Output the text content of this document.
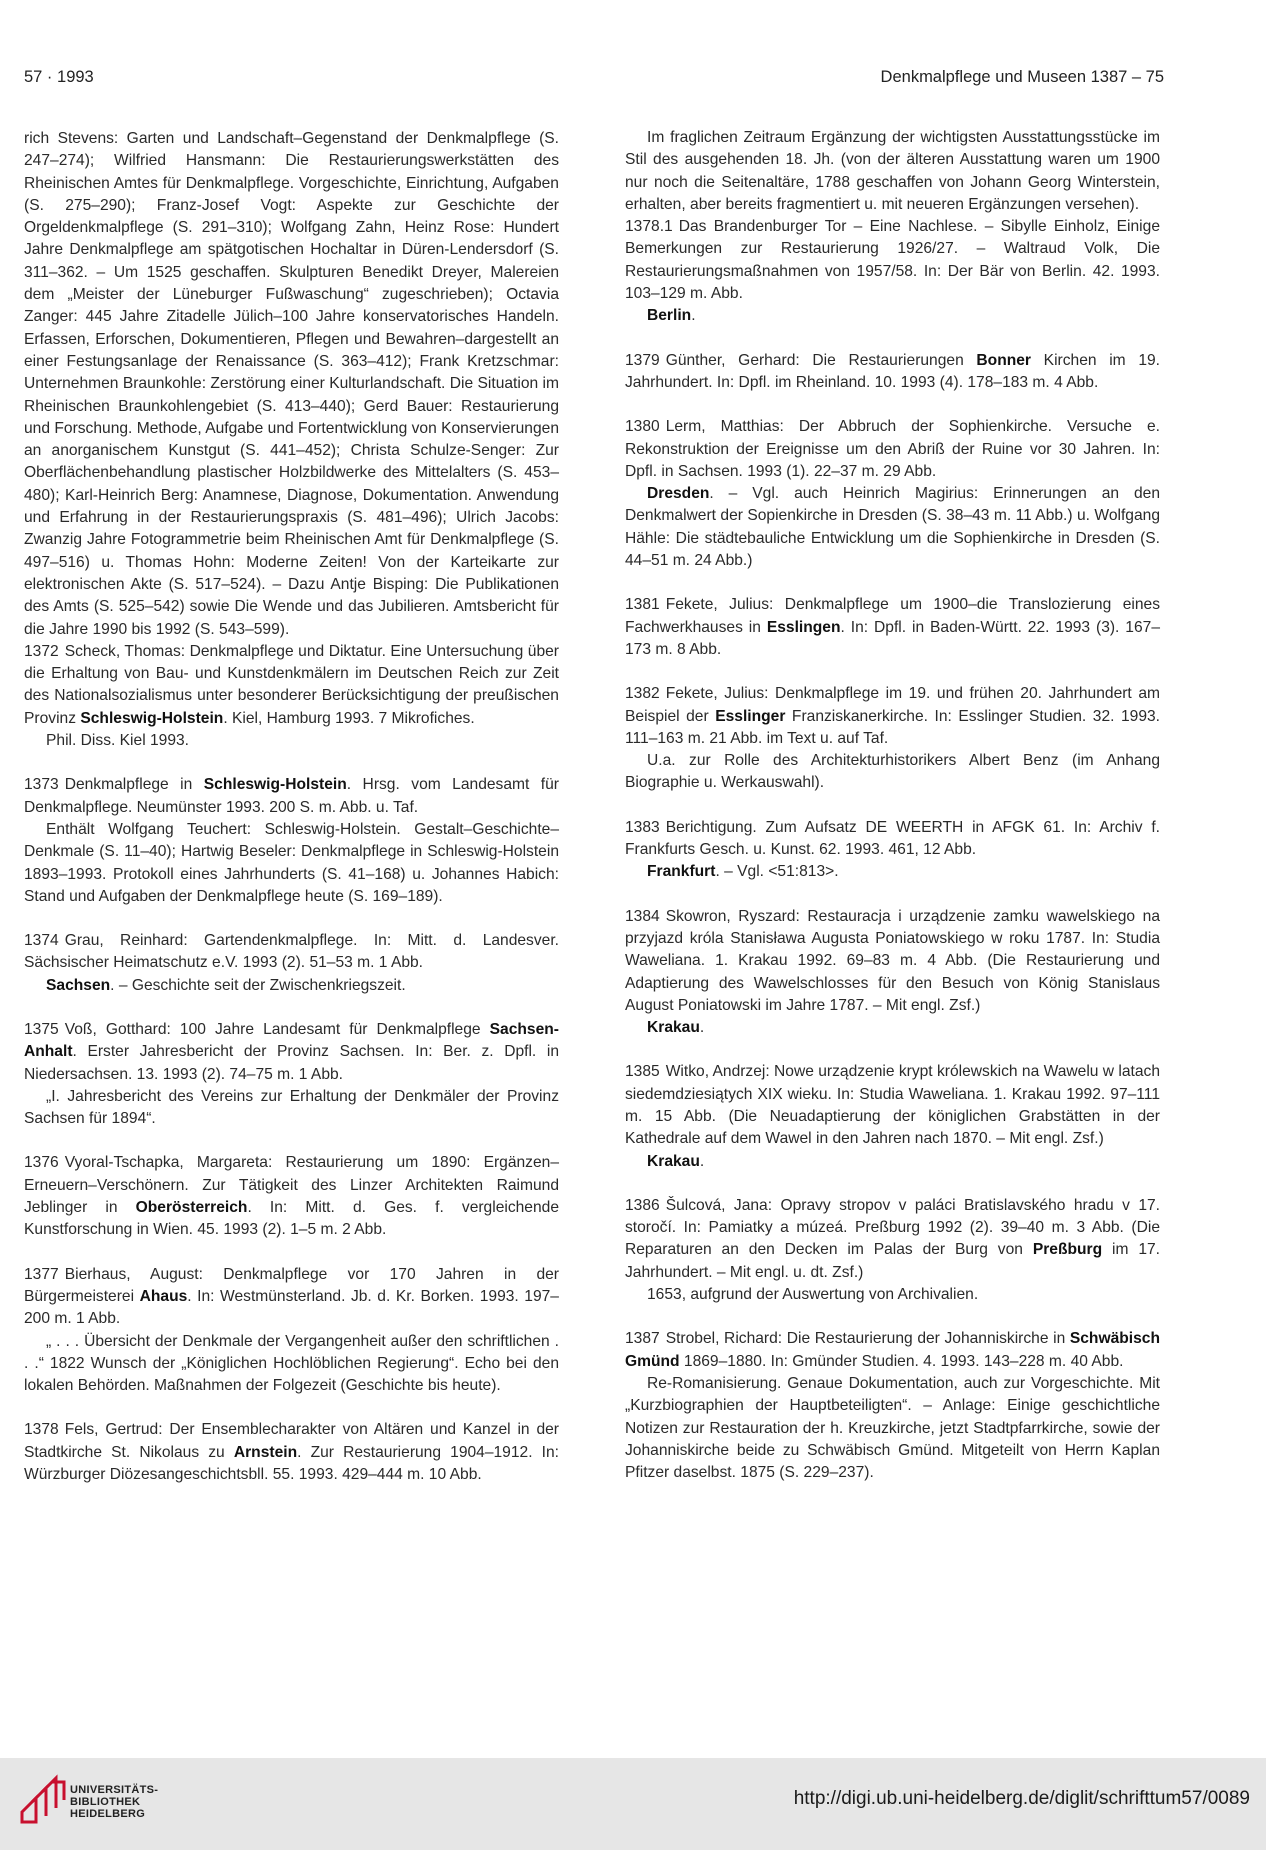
57 · 1993	Denkmalpflege und Museen 1387 – 75

rich Stevens: Garten und Landschaft–Gegenstand der Denkmalpflege (S. 247–274); Wilfried Hansmann: Die Restaurierungswerkstätten des Rheinischen Amtes für Denkmalpflege. Vorgeschichte, Einrichtung, Aufgaben (S. 275–290); Franz-Josef Vogt: Aspekte zur Geschichte der Orgeldenkmalpflege (S. 291–310); Wolfgang Zahn, Heinz Rose: Hundert Jahre Denkmalpflege am spätgotischen Hochaltar in Düren-Lendersdorf (S. 311–362. – Um 1525 geschaffen. Skulpturen Benedikt Dreyer, Malereien dem „Meister der Lüneburger Fußwaschung“ zugeschrieben); Octavia Zanger: 445 Jahre Zitadelle Jülich–100 Jahre konservatorisches Handeln. Erfassen, Erforschen, Dokumentieren, Pflegen und Bewahren–dargestellt an einer Festungsanlage der Renaissance (S. 363–412); Frank Kretzschmar: Unternehmen Braunkohle: Zerstörung einer Kulturlandschaft. Die Situation im Rheinischen Braunkohlengebiet (S. 413–440); Gerd Bauer: Restaurierung und Forschung. Methode, Aufgabe und Fortentwicklung von Konservierungen an anorganischem Kunstgut (S. 441–452); Christa Schulze-Senger: Zur Oberflächenbehandlung plastischer Holzbildwerke des Mittelalters (S. 453–480); Karl-Heinrich Berg: Anamnese, Diagnose, Dokumentation. Anwendung und Erfahrung in der Restaurierungspraxis (S. 481–496); Ulrich Jacobs: Zwanzig Jahre Fotogrammetrie beim Rheinischen Amt für Denkmalpflege (S. 497–516) u. Thomas Hohn: Moderne Zeiten! Von der Karteikarte zur elektronischen Akte (S. 517–524). – Dazu Antje Bisping: Die Publikationen des Amts (S. 525–542) sowie Die Wende und das Jubilieren. Amtsbericht für die Jahre 1990 bis 1992 (S. 543–599).

1372 Scheck, Thomas: Denkmalpflege und Diktatur. Eine Untersuchung über die Erhaltung von Bau- und Kunstdenkmälern im Deutschen Reich zur Zeit des Nationalsozialismus unter besonderer Berücksichtigung der preußischen Provinz Schleswig-Holstein. Kiel, Hamburg 1993. 7 Mikrofiches.

Phil. Diss. Kiel 1993.

1373 Denkmalpflege in Schleswig-Holstein. Hrsg. vom Landesamt für Denkmalpflege. Neumünster 1993. 200 S. m. Abb. u. Taf.

Enthält Wolfgang Teuchert: Schleswig-Holstein. Gestalt–Geschichte–Denkmale (S. 11–40); Hartwig Beseler: Denkmalpflege in Schleswig-Holstein 1893–1993. Protokoll eines Jahrhunderts (S. 41–168) u. Johannes Habich: Stand und Aufgaben der Denkmalpflege heute (S. 169–189).

1374 Grau, Reinhard: Gartendenkmalpflege. In: Mitt. d. Landesver. Sächsischer Heimatschutz e.V. 1993 (2). 51–53 m. 1 Abb.

Sachsen. – Geschichte seit der Zwischenkriegszeit.

1375 Voß, Gotthard: 100 Jahre Landesamt für Denkmalpflege Sachsen-Anhalt. Erster Jahresbericht der Provinz Sachsen. In: Ber. z. Dpfl. in Niedersachsen. 13. 1993 (2). 74–75 m. 1 Abb.

„I. Jahresbericht des Vereins zur Erhaltung der Denkmäler der Provinz Sachsen für 1894“.

1376 Vyoral-Tschapka, Margareta: Restaurierung um 1890: Ergänzen–Erneuern–Verschönern. Zur Tätigkeit des Linzer Architekten Raimund Jeblinger in Oberösterreich. In: Mitt. d. Ges. f. vergleichende Kunstforschung in Wien. 45. 1993 (2). 1–5 m. 2 Abb.

1377 Bierhaus, August: Denkmalpflege vor 170 Jahren in der Bürgermeisterei Ahaus. In: Westmünsterland. Jb. d. Kr. Borken. 1993. 197–200 m. 1 Abb.

„ . . . Übersicht der Denkmale der Vergangenheit außer den schriftlichen . . .“ 1822 Wunsch der „Königlichen Hochlöblichen Regierung“. Echo bei den lokalen Behörden. Maßnahmen der Folgezeit (Geschichte bis heute).

1378 Fels, Gertrud: Der Ensemblecharakter von Altären und Kanzel in der Stadtkirche St. Nikolaus zu Arnstein. Zur Restaurierung 1904–1912. In: Würzburger Diözesangeschichtsbll. 55. 1993. 429–444 m. 10 Abb.

Im fraglichen Zeitraum Ergänzung der wichtigsten Ausstattungsstücke im Stil des ausgehenden 18. Jh. (von der älteren Ausstattung waren um 1900 nur noch die Seitenaltäre, 1788 geschaffen von Johann Georg Winterstein, erhalten, aber bereits fragmentiert u. mit neueren Ergänzungen versehen).

1378.1 Das Brandenburger Tor – Eine Nachlese. – Sibylle Einholz, Einige Bemerkungen zur Restaurierung 1926/27. – Waltraud Volk, Die Restaurierungsmaßnahmen von 1957/58. In: Der Bär von Berlin. 42. 1993. 103–129 m. Abb.

Berlin.

1379 Günther, Gerhard: Die Restaurierungen Bonner Kirchen im 19. Jahrhundert. In: Dpfl. im Rheinland. 10. 1993 (4). 178–183 m. 4 Abb.

1380 Lerm, Matthias: Der Abbruch der Sophienkirche. Versuche e. Rekonstruktion der Ereignisse um den Abriß der Ruine vor 30 Jahren. In: Dpfl. in Sachsen. 1993 (1). 22–37 m. 29 Abb.

Dresden. – Vgl. auch Heinrich Magirius: Erinnerungen an den Denkmalwert der Sopienkirche in Dresden (S. 38–43 m. 11 Abb.) u. Wolfgang Hähle: Die städtebauliche Entwicklung um die Sophienkirche in Dresden (S. 44–51 m. 24 Abb.)

1381 Fekete, Julius: Denkmalpflege um 1900–die Translozierung eines Fachwerkhauses in Esslingen. In: Dpfl. in Baden-Württ. 22. 1993 (3). 167–173 m. 8 Abb.

1382 Fekete, Julius: Denkmalpflege im 19. und frühen 20. Jahrhundert am Beispiel der Esslinger Franziskanerkirche. In: Esslinger Studien. 32. 1993. 111–163 m. 21 Abb. im Text u. auf Taf.

U.a. zur Rolle des Architekturhistorikers Albert Benz (im Anhang Biographie u. Werkauswahl).

1383 Berichtigung. Zum Aufsatz DE WEERTH in AFGK 61. In: Archiv f. Frankfurts Gesch. u. Kunst. 62. 1993. 461, 12 Abb.

Frankfurt. – Vgl. <51:813>.

1384 Skowron, Ryszard: Restauracja i urządzenie zamku wawelskiego na przyjazd króla Stanisława Augusta Poniatowskiego w roku 1787. In: Studia Waweliana. 1. Krakau 1992. 69–83 m. 4 Abb. (Die Restaurierung und Adaptierung des Wawelschlosses für den Besuch von König Stanislaus August Poniatowski im Jahre 1787. – Mit engl. Zsf.)

Krakau.

1385 Witko, Andrzej: Nowe urządzenie krypt królewskich na Wawelu w latach siedemdziesiątych XIX wieku. In: Studia Waweliana. 1. Krakau 1992. 97–111 m. 15 Abb. (Die Neuadaptierung der königlichen Grabstätten in der Kathedrale auf dem Wawel in den Jahren nach 1870. – Mit engl. Zsf.)

Krakau.

1386 Šulcová, Jana: Opravy stropov v paláci Bratislavského hradu v 17. storočí. In: Pamiatky a múzeá. Preßburg 1992 (2). 39–40 m. 3 Abb. (Die Reparaturen an den Decken im Palas der Burg von Preßburg im 17. Jahrhundert. – Mit engl. u. dt. Zsf.)

1653, aufgrund der Auswertung von Archivalien.

1387 Strobel, Richard: Die Restaurierung der Johanniskirche in Schwäbisch Gmünd 1869–1880. In: Gmünder Studien. 4. 1993. 143–228 m. 40 Abb.

Re-Romanisierung. Genaue Dokumentation, auch zur Vorgeschichte. Mit „Kurzbiographien der Hauptbeteiligten“. – Anlage: Einige geschichtliche Notizen zur Restauration der h. Kreuzkirche, jetzt Stadtpfarrkirche, sowie der Johanniskirche beide zu Schwäbisch Gmünd. Mitgeteilt von Herrn Kaplan Pfitzer daselbst. 1875 (S. 229–237).

UNIVERSITÄTS-
BIBLIOTHEK
HEIDELBERG
http://digi.ub.uni-heidelberg.de/diglit/schrifttum57/0089
